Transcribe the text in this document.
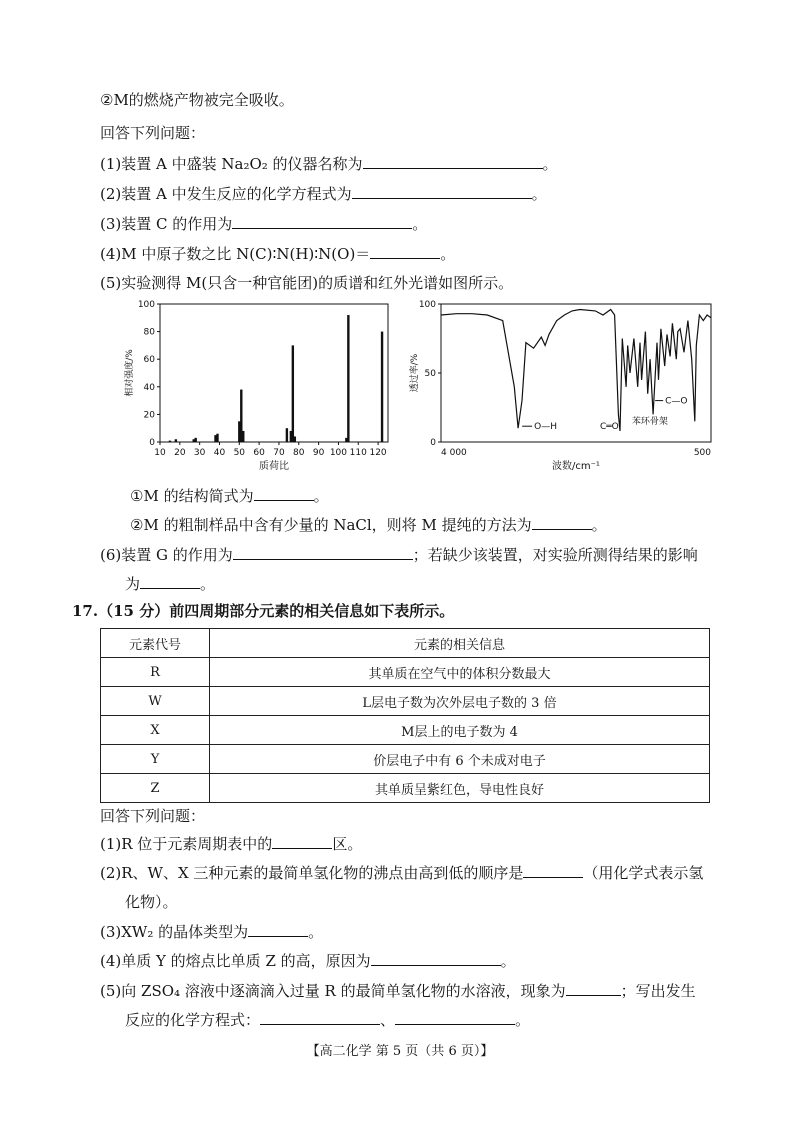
②M的燃烧产物被完全吸收。
回答下列问题：
(1)装置 A 中盛装 Na₂O₂ 的仪器名称为	。
(2)装置 A 中发生反应的化学方程式为	。
(3)装置 C 的作用为	。
(4)M 中原子数之比 N(C)∶N(H)∶N(O)＝	。
(5)实验测得 M(只含一种官能团)的质谱和红外光谱如图所示。
0
20
40
60
80
100
10 20 30 40 50 60 70 80 90 100 110 120
质荷比
相对强度/%
100
50
0
4 000	500
波数/cm⁻¹
透过率/%
O—H	C═O
苯环骨架
C—O
①M 的结构简式为	。
②M 的粗制样品中含有少量的 NaCl，则将 M 提纯的方法为	。
(6)装置 G 的作用为	；若缺少该装置，对实验所测得结果的影响
为	。
17.（15 分）前四周期部分元素的相关信息如下表所示。
元素代号	元素的相关信息
R	其单质在空气中的体积分数最大
W	L层电子数为次外层电子数的 3 倍
X	M层上的电子数为 4
Y	价层电子中有 6 个未成对电子
Z	其单质呈紫红色，导电性良好
回答下列问题：
(1)R 位于元素周期表中的	区。
(2)R、W、X 三种元素的最简单氢化物的沸点由高到低的顺序是	（用化学式表示氢
化物）。
(3)XW₂ 的晶体类型为	。
(4)单质 Y 的熔点比单质 Z 的高，原因为	。
(5)向 ZSO₄ 溶液中逐滴滴入过量 R 的最简单氢化物的水溶液，现象为	；写出发生
反应的化学方程式：	、	。
【高二化学 第 5 页（共 6 页）】
